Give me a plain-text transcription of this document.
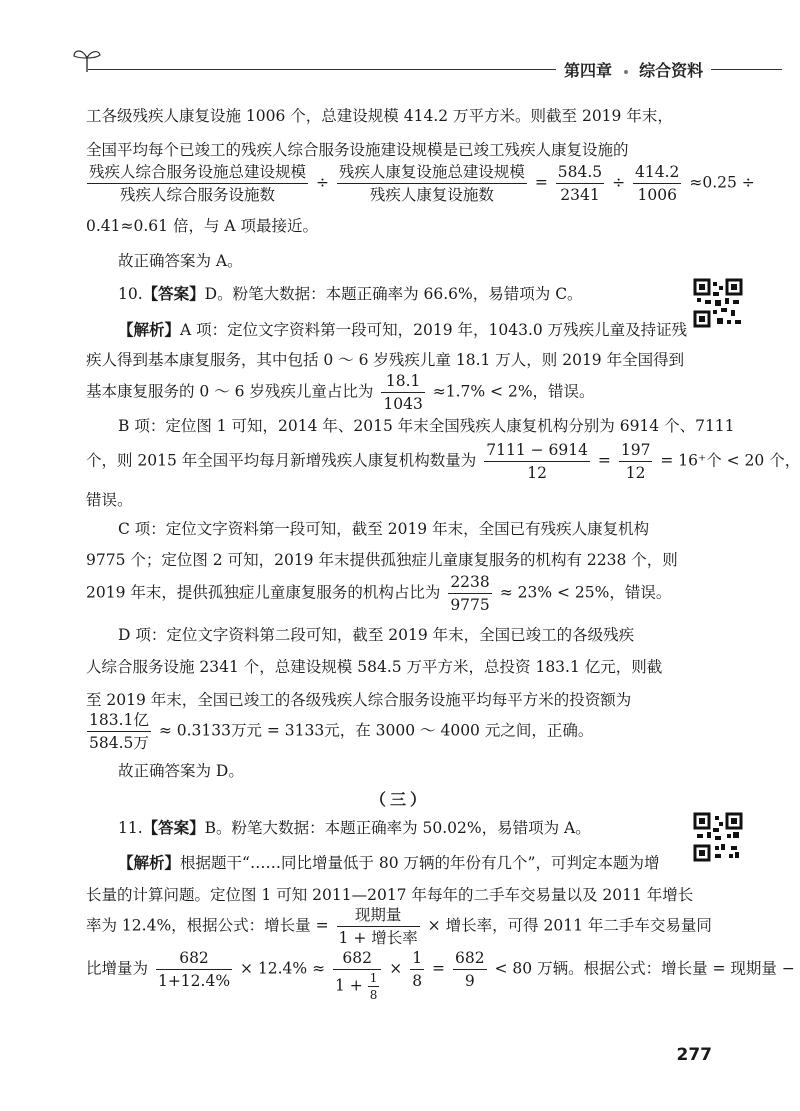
第四章 综合资料
工各级残疾人康复设施 1006 个，总建设规模 414.2 万平方米。则截至 2019 年末，
全国平均每个已竣工的残疾人综合服务设施建设规模是已竣工残疾人康复设施的
$\frac{\text{残疾人综合服务设施总建设规模}}{\text{残疾人综合服务设施数}} \div \frac{\text{残疾人康复设施总建设规模}}{\text{残疾人康复设施数}} = \frac{584.5}{2341} \div \frac{414.2}{1006} \approx 0.25$ ÷
0.41≈0.61 倍，与 A 项最接近。
故正确答案为 A。
10.【答案】D。粉笔大数据：本题正确率为 66.6%，易错项为 C。
【解析】A 项：定位文字资料第一段可知，2019 年，1043.0 万残疾儿童及持证残
疾人得到基本康复服务，其中包括 0 ～ 6 岁残疾儿童 18.1 万人，则 2019 年全国得到
基本康复服务的 0 ～ 6 岁残疾儿童占比为 $\frac{18.1}{1043} \approx 1.7\% < 2\%$，错误。
B 项：定位图 1 可知，2014 年、2015 年末全国残疾人康复机构分别为 6914 个、7111
个，则 2015 年全国平均每月新增残疾人康复机构数量为 $\frac{7111 - 6914}{12} = \frac{197}{12} = 16^+$个 < 20 个，
错误。
C 项：定位文字资料第一段可知，截至 2019 年末，全国已有残疾人康复机构
9775 个；定位图 2 可知，2019 年末提供孤独症儿童康复服务的机构有 2238 个，则
2019 年末，提供孤独症儿童康复服务的机构占比为 $\frac{2238}{9775} \approx 23\% < 25\%$，错误。
D 项：定位文字资料第二段可知，截至 2019 年末，全国已竣工的各级残疾
人综合服务设施 2341 个，总建设规模 584.5 万平方米，总投资 183.1 亿元，则截
至 2019 年末，全国已竣工的各级残疾人综合服务设施平均每平方米的投资额为
$\frac{\text{183.1亿}}{\text{584.5万}} \approx 0.3133$万元 = 3133元，在 3000 ～ 4000 元之间，正确。
故正确答案为 D。
（三）
11.【答案】B。粉笔大数据：本题正确率为 50.02%，易错项为 A。
【解析】根据题干“……同比增量低于 80 万辆的年份有几个”，可判定本题为增
长量的计算问题。定位图 1 可知 2011—2017 年每年的二手车交易量以及 2011 年增长
率为 12.4%，根据公式：增长量 = $\frac{\text{现期量}}{\text{1 + 增长率}}$ × 增长率，可得 2011 年二手车交易量同
比增量为 $\frac{682}{1+12.4\%} \times 12.4\% \approx \frac{682}{1 + \frac{1}{8}} \times \frac{1}{8} = \frac{682}{9} < 80$ 万辆。根据公式：增长量 = 现期量 −
277
